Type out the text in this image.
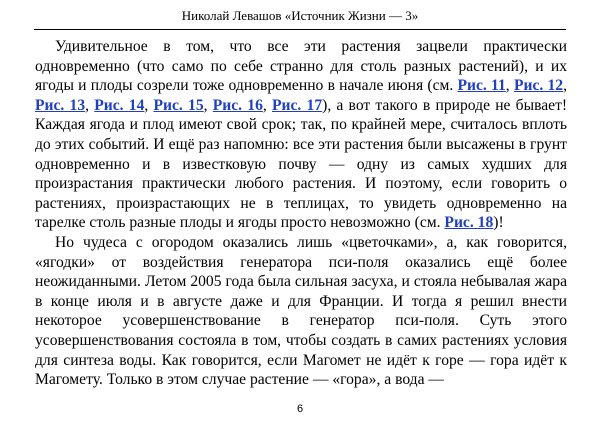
Николай Левашов «Источник Жизни — 3»

Удивительное в том, что все эти растения зацвели практически одновременно (что само по себе странно для столь разных растений), и их ягоды и плоды созрели тоже одновременно в начале июня (см. Рис. 11, Рис. 12, Рис. 13, Рис. 14, Рис. 15, Рис. 16, Рис. 17), а вот такого в природе не бывает! Каждая ягода и плод имеют свой срок; так, по крайней мере, считалось вплоть до этих событий. И ещё раз напомню: все эти растения были высажены в грунт одновременно и в известковую почву — одну из самых худших для произрастания практически любого растения. И поэтому, если говорить о растениях, произрастающих не в теплицах, то увидеть одновременно на тарелке столь разные плоды и ягоды просто невозможно (см. Рис. 18)!

Но чудеса с огородом оказались лишь «цветочками», а, как говорится, «ягодки» от воздействия генератора пси-поля оказались ещё более неожиданными. Летом 2005 года была сильная засуха, и стояла небывалая жара в конце июля и в августе даже и для Франции. И тогда я решил внести некоторое усовершенствование в генератор пси-поля. Суть этого усовершенствования состояла в том, чтобы создать в самих растениях условия для синтеза воды. Как говорится, если Магомет не идёт к горе — гора идёт к Магомету. Только в этом случае растение — «гора», а вода —

6
